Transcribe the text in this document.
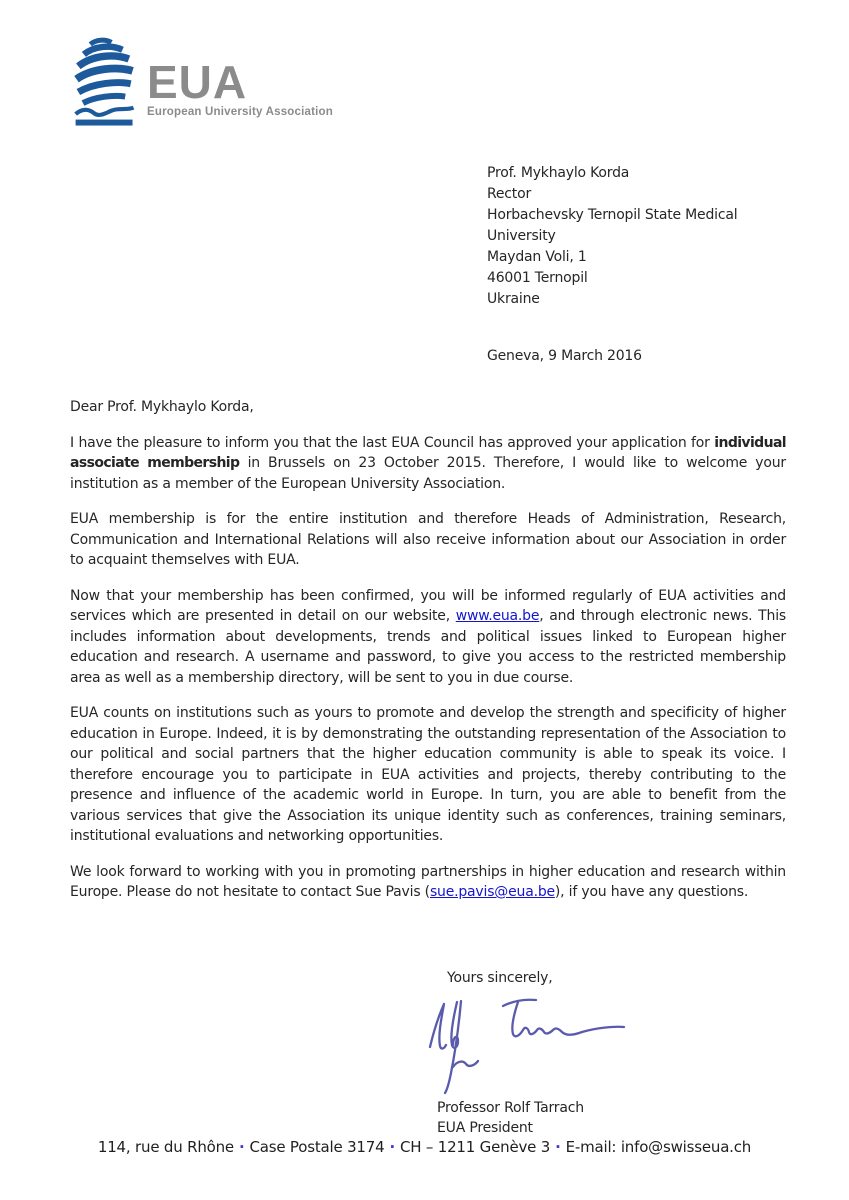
EUA
European University Association
Prof. Mykhaylo Korda
Rector
Horbachevsky Ternopil State Medical
University
Maydan Voli, 1
46001 Ternopil
Ukraine
Geneva, 9 March 2016

Dear Prof. Mykhaylo Korda,

I have the pleasure to inform you that the last EUA Council has approved your application for individual associate membership in Brussels on 23 October 2015. Therefore, I would like to welcome your institution as a member of the European University Association.

EUA membership is for the entire institution and therefore Heads of Administration, Research, Communication and International Relations will also receive information about our Association in order to acquaint themselves with EUA.

Now that your membership has been confirmed, you will be informed regularly of EUA activities and services which are presented in detail on our website, www.eua.be, and through electronic news. This includes information about developments, trends and political issues linked to European higher education and research. A username and password, to give you access to the restricted membership area as well as a membership directory, will be sent to you in due course.

EUA counts on institutions such as yours to promote and develop the strength and specificity of higher education in Europe. Indeed, it is by demonstrating the outstanding representation of the Association to our political and social partners that the higher education community is able to speak its voice. I therefore encourage you to participate in EUA activities and projects, thereby contributing to the presence and influence of the academic world in Europe. In turn, you are able to benefit from the various services that give the Association its unique identity such as conferences, training seminars, institutional evaluations and networking opportunities.

We look forward to working with you in promoting partnerships in higher education and research within Europe. Please do not hesitate to contact Sue Pavis (sue.pavis@eua.be), if you have any questions.

Yours sincerely,
Professor Rolf Tarrach
EUA President
114, rue du Rhône · Case Postale 3174 · CH – 1211 Genève 3 · E-mail: info@swisseua.ch
